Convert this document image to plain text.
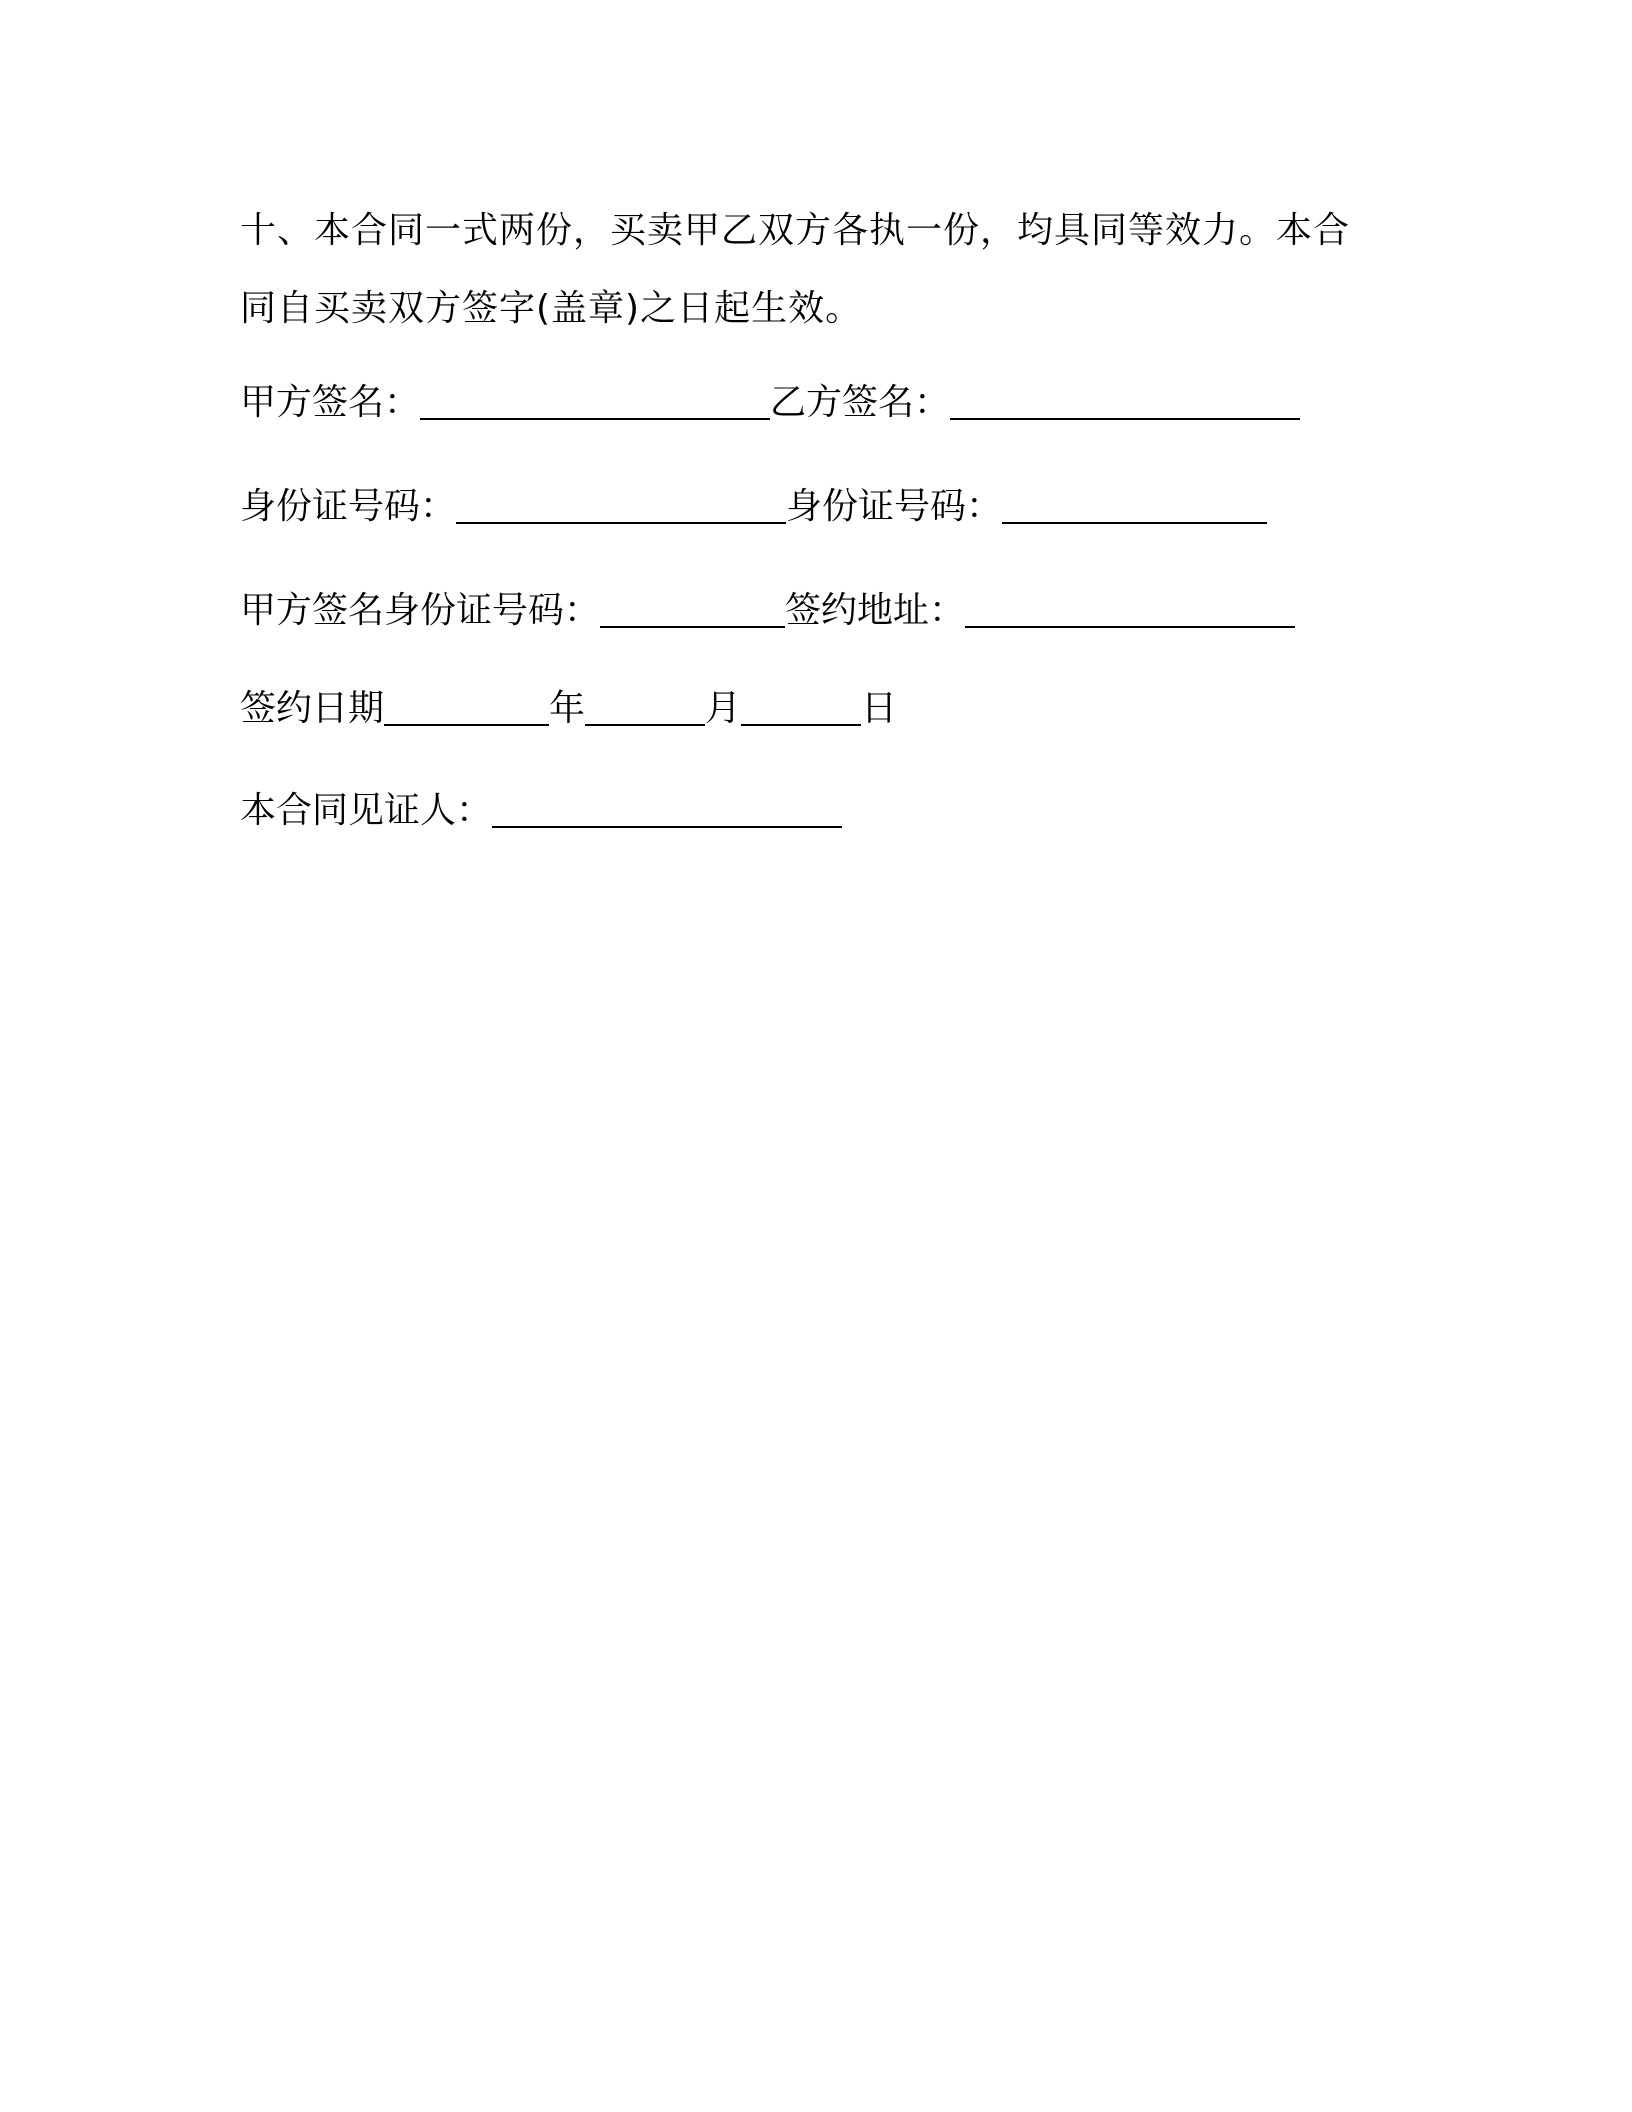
十、本合同一式两份，买卖甲乙双方各执一份，均具同等效力。本合

同自买卖双方签字(盖章)之日起生效。

甲方签名：	乙方签名：
身份证号码：	身份证号码：
甲方签名身份证号码：	签约地址：
签约日期	年	月	日
本合同见证人：
